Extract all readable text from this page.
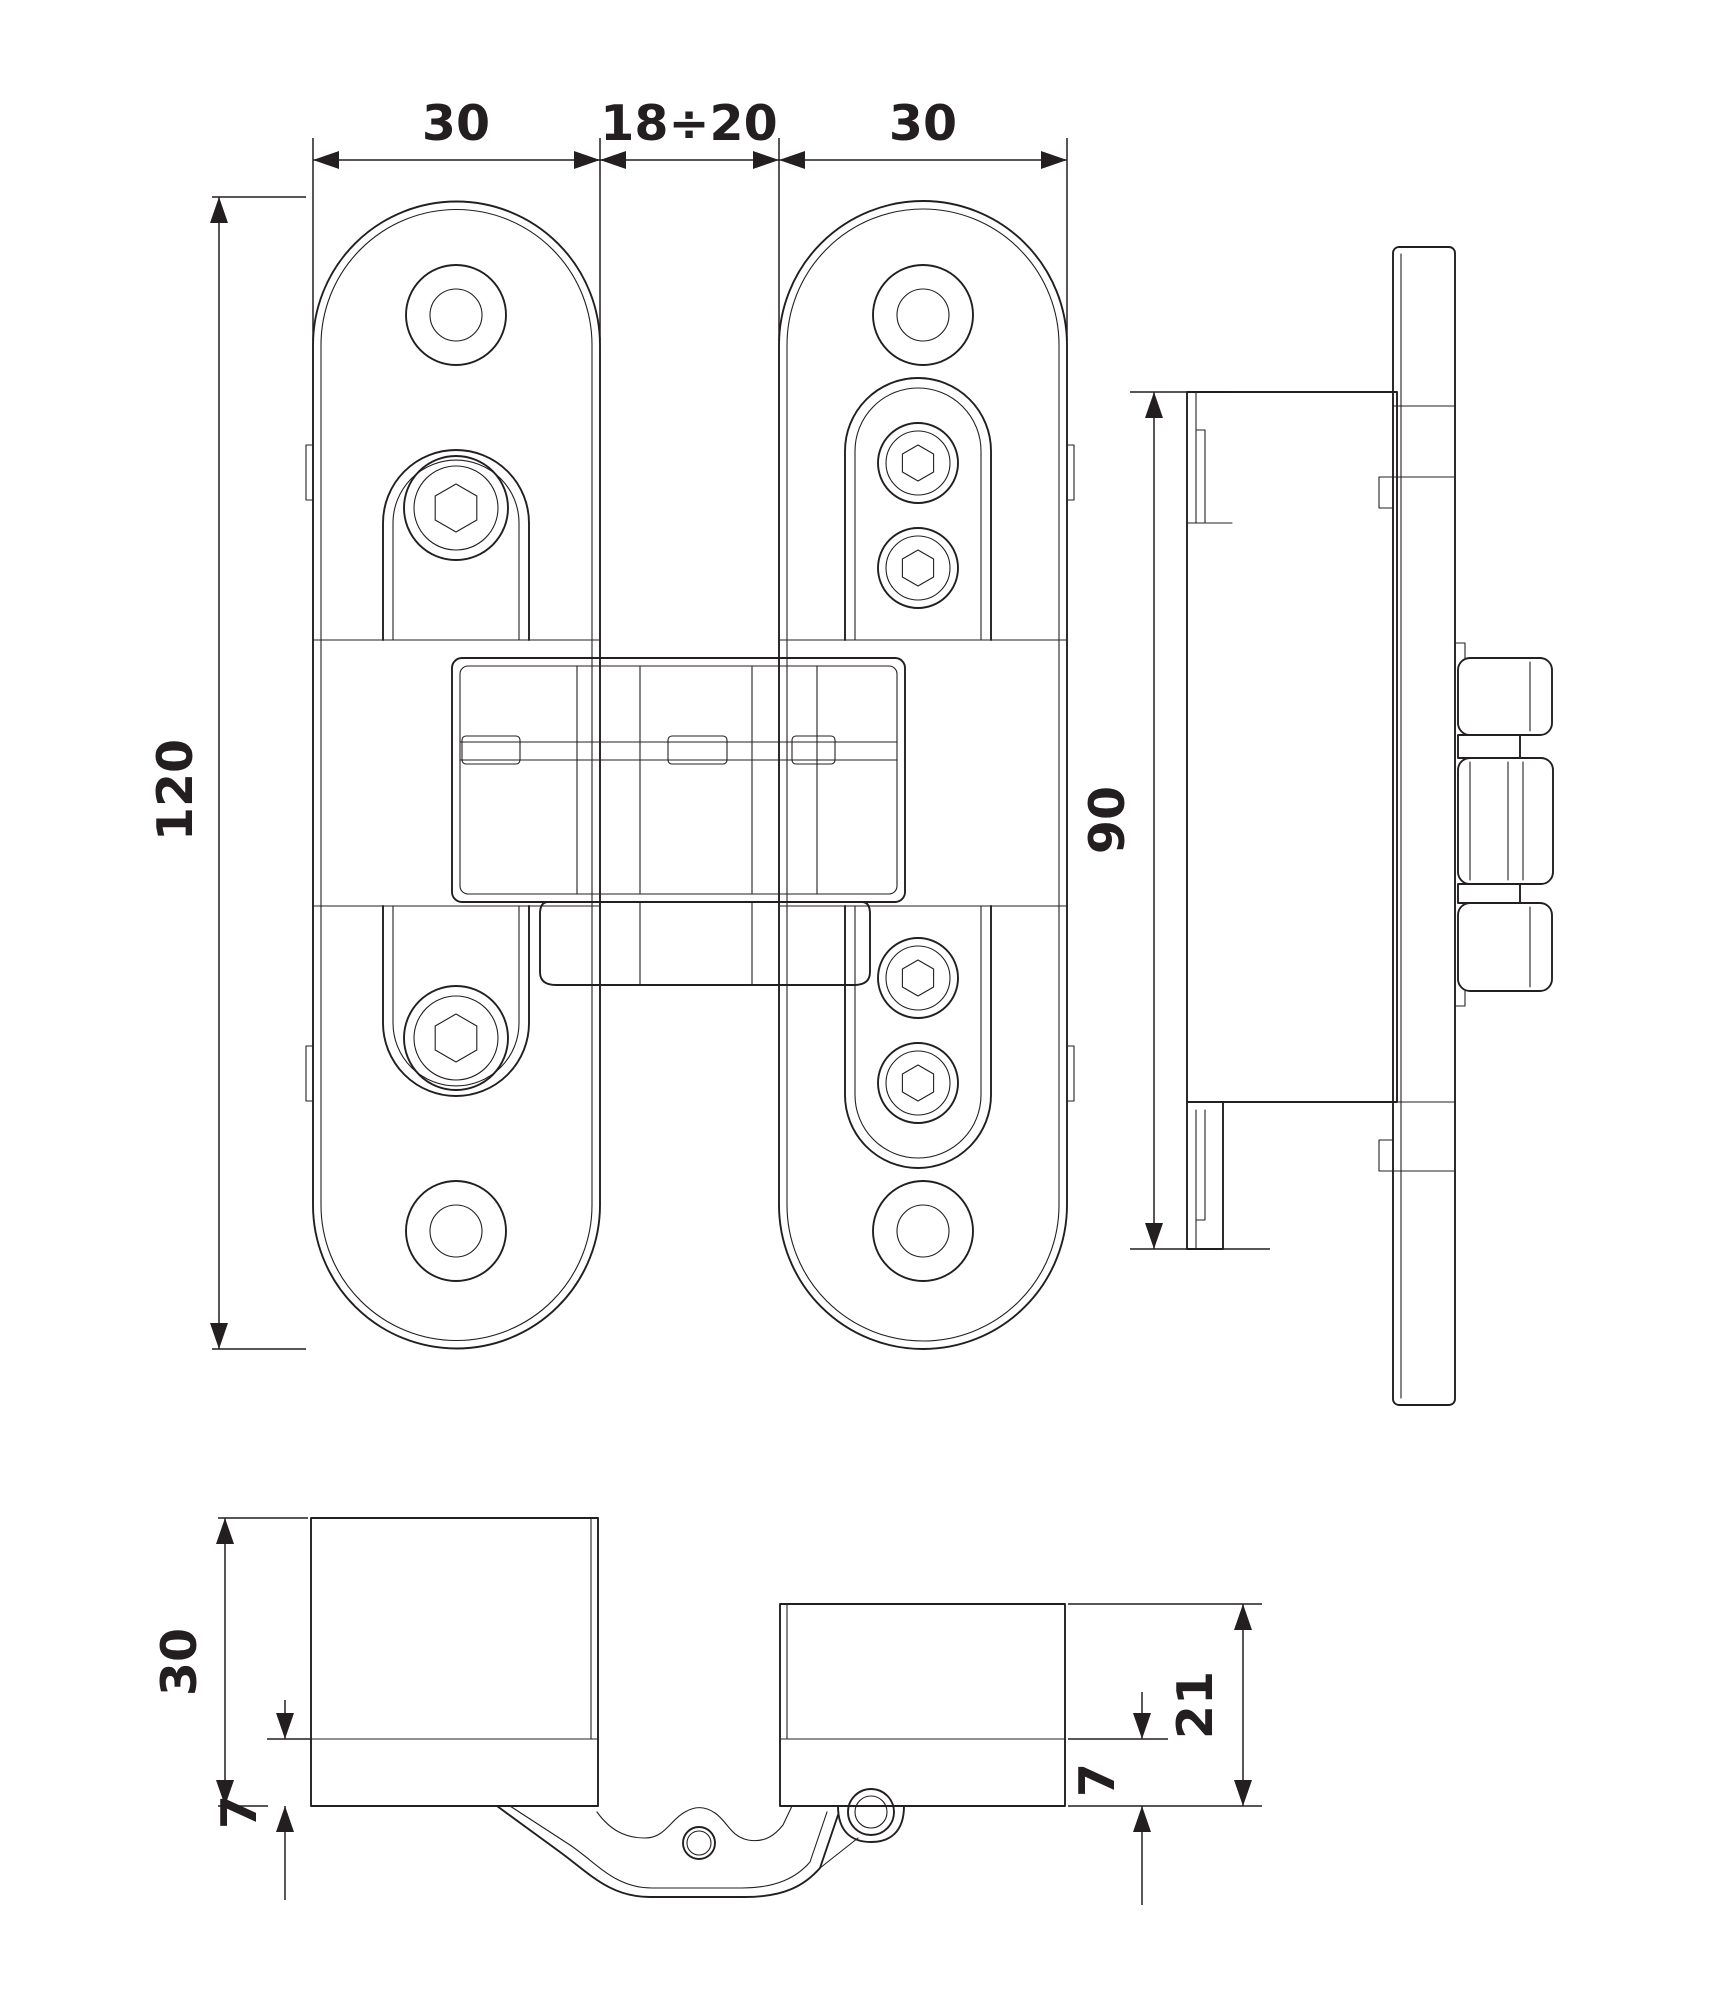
30 18÷20 30
120	90
30
7
7
21
